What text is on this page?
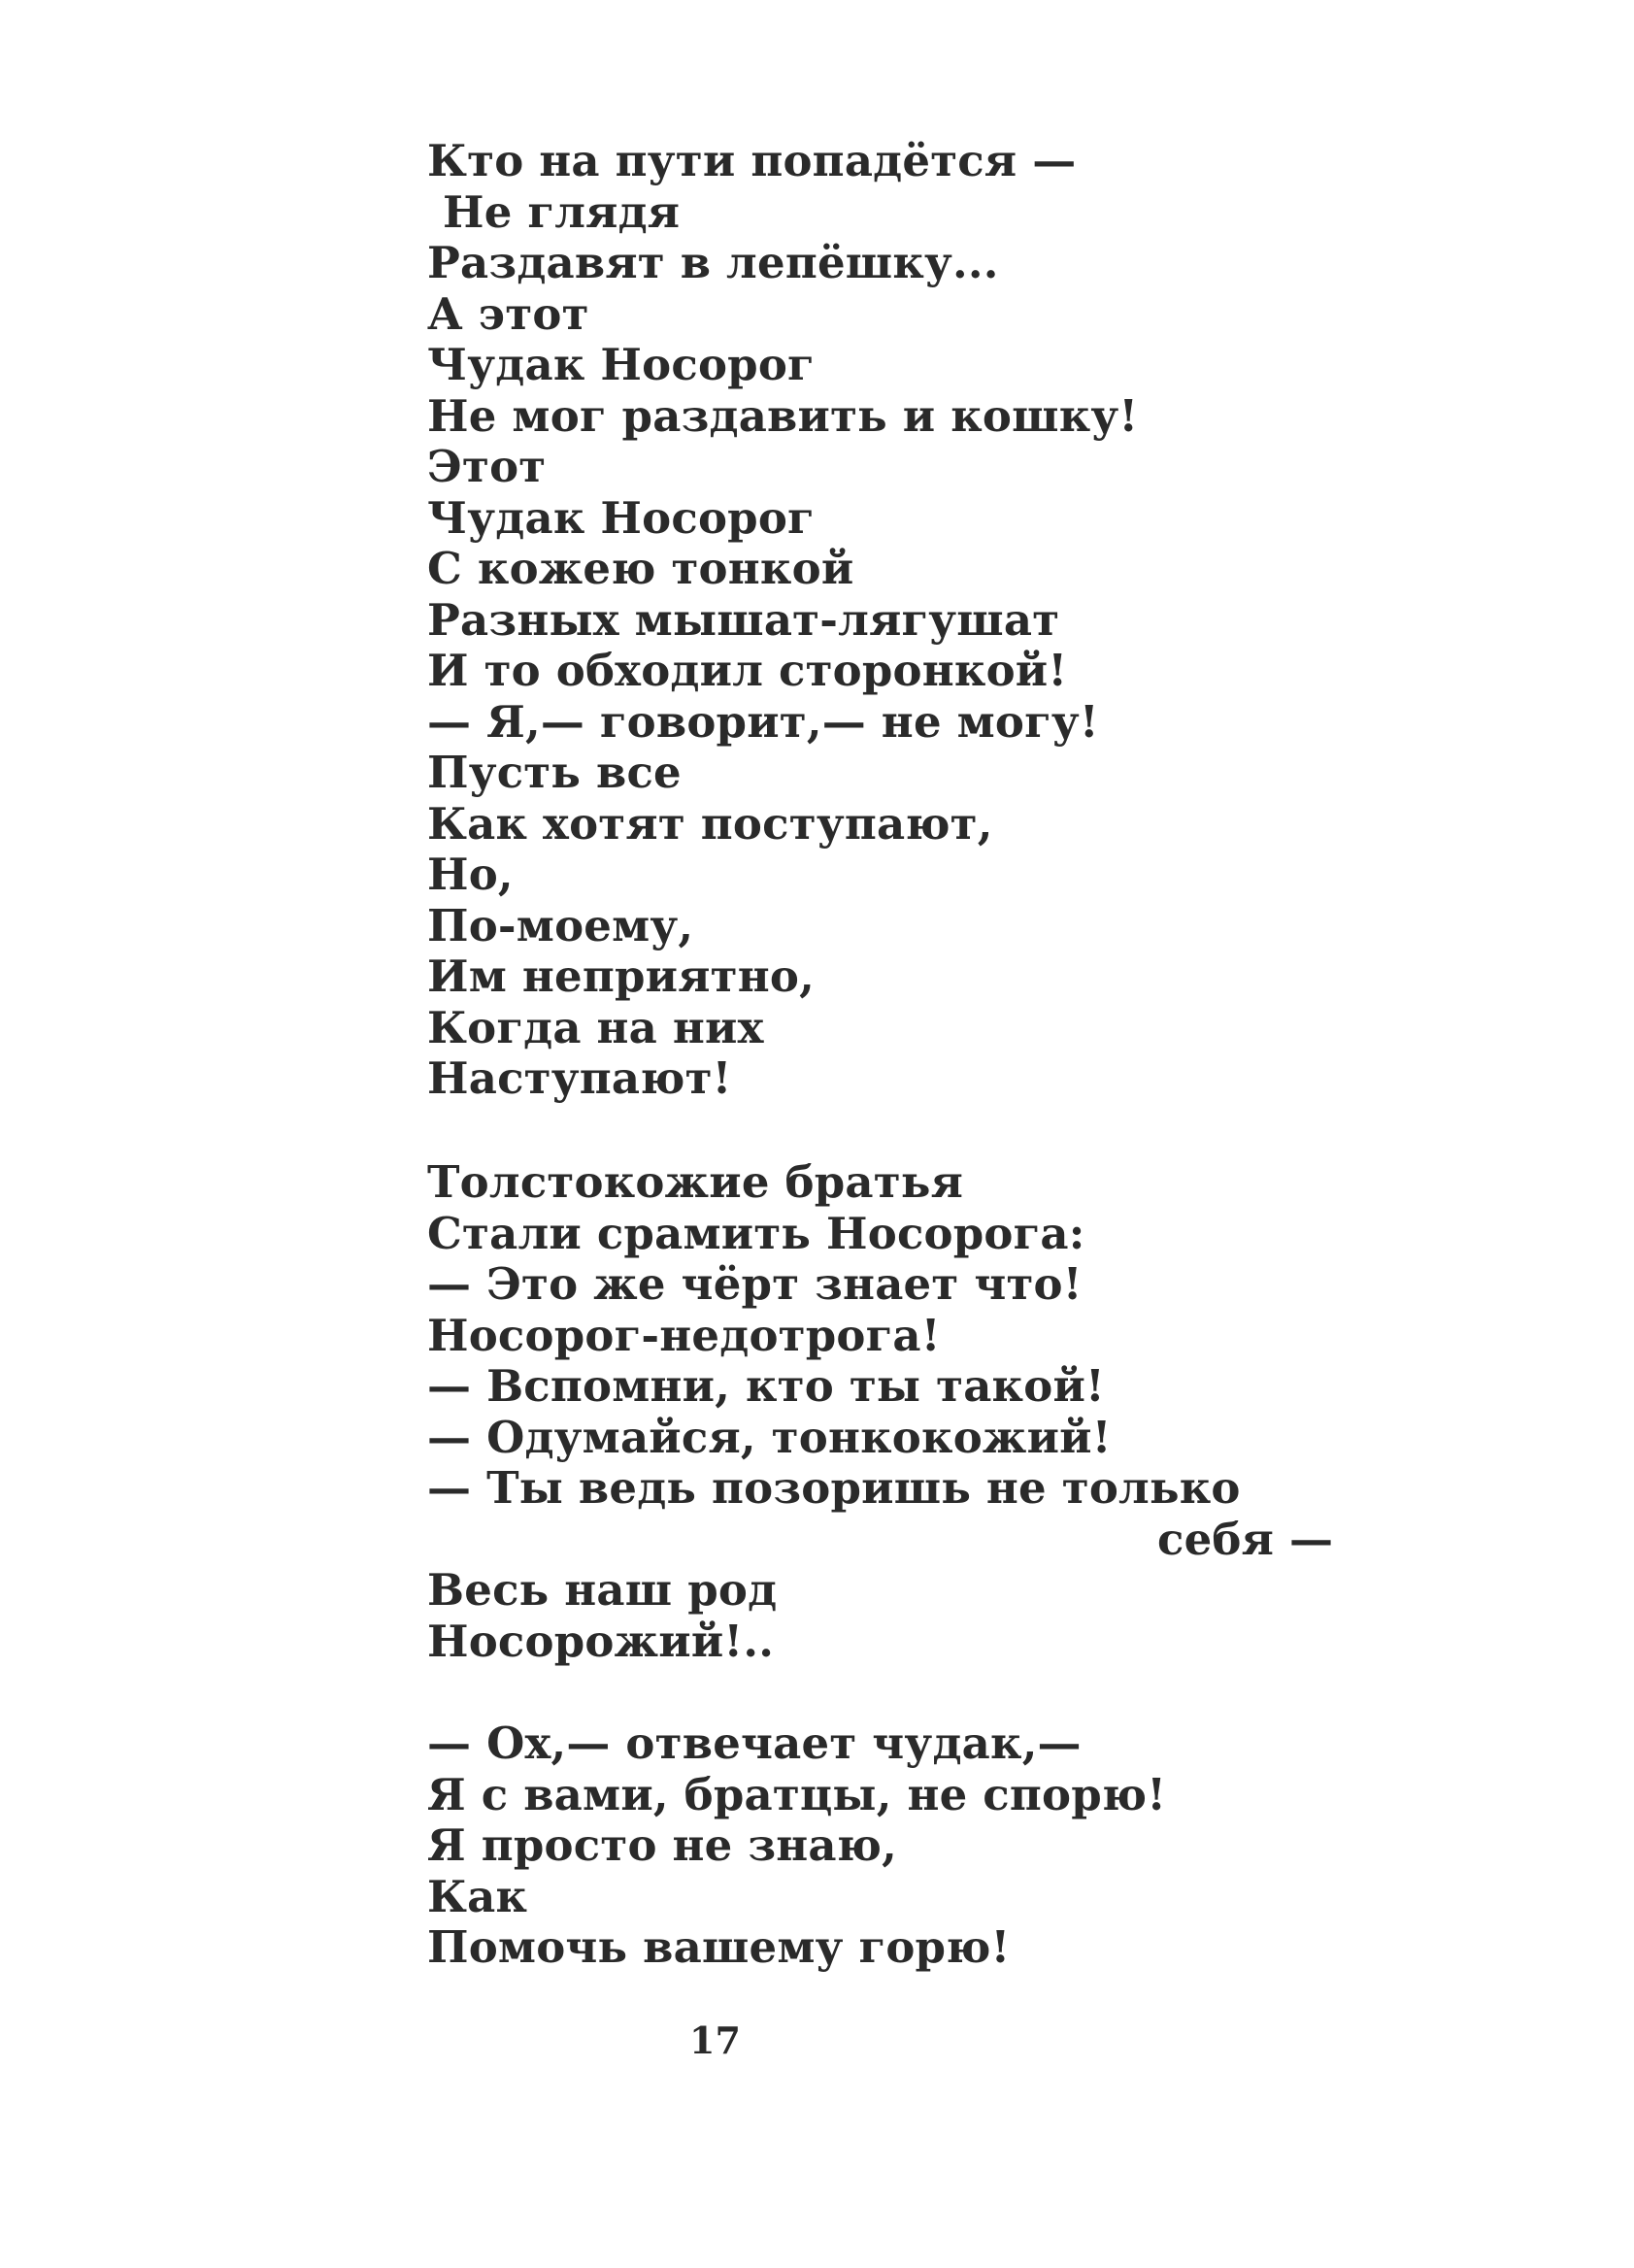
Кто на пути попадётся —
Не глядя
Раздавят в лепёшку...
А этот
Чудак Носорог
Не мог раздавить и кошку!
Этот
Чудак Носорог
С кожею тонкой
Разных мышат-лягушат
И то обходил сторонкой!
— Я,— говорит,— не могу!
Пусть все
Как хотят поступают,
Но,
По-моему,
Им неприятно,
Когда на них
Наступают!
Толстокожие братья
Стали срамить Носорога:
— Это же чёрт знает что!
Носорог-недотрога!
— Вспомни, кто ты такой!
— Одумайся, тонкокожий!
— Ты ведь позоришь не только
себя —
Весь наш род
Носорожий!..
— Ох,— отвечает чудак,—
Я с вами, братцы, не спорю!
Я просто не знаю,
Как
Помочь вашему горю!
17
